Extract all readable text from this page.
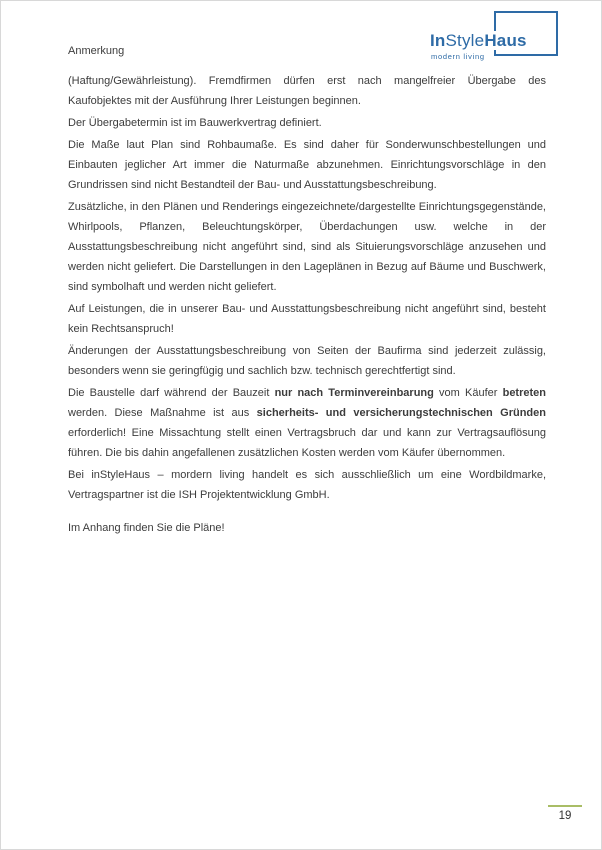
InStyleHaus
modern living

Anmerkung

(Haftung/Gewährleistung). Fremdfirmen dürfen erst nach mangelfreier Übergabe des Kaufobjektes mit der Ausführung Ihrer Leistungen beginnen.

Der Übergabetermin ist im Bauwerkvertrag definiert.

Die Maße laut Plan sind Rohbaumaße. Es sind daher für Sonderwunschbestellungen und Einbauten jeglicher Art immer die Naturmaße abzunehmen. Einrichtungsvorschläge in den Grundrissen sind nicht Bestandteil der Bau- und Ausstattungsbeschreibung.

Zusätzliche, in den Plänen und Renderings eingezeichnete/dargestellte Einrichtungsgegenstände, Whirlpools, Pflanzen, Beleuchtungskörper, Überdachungen usw. welche in der Ausstattungsbeschreibung nicht angeführt sind, sind als Situierungsvorschläge anzusehen und werden nicht geliefert. Die Darstellungen in den Lageplänen in Bezug auf Bäume und Buschwerk, sind symbolhaft und werden nicht geliefert.

Auf Leistungen, die in unserer Bau- und Ausstattungsbeschreibung nicht angeführt sind, besteht kein Rechtsanspruch!

Änderungen der Ausstattungsbeschreibung von Seiten der Baufirma sind jederzeit zulässig, besonders wenn sie geringfügig und sachlich bzw. technisch gerechtfertigt sind.

Die Baustelle darf während der Bauzeit nur nach Terminvereinbarung vom Käufer betreten werden. Diese Maßnahme ist aus sicherheits- und versicherungstechnischen Gründen erforderlich! Eine Missachtung stellt einen Vertragsbruch dar und kann zur Vertragsauflösung führen. Die bis dahin angefallenen zusätzlichen Kosten werden vom Käufer übernommen.

Bei inStyleHaus – mordern living handelt es sich ausschließlich um eine Wordbildmarke, Vertragspartner ist die ISH Projektentwicklung GmbH.

Im Anhang finden Sie die Pläne!

19
